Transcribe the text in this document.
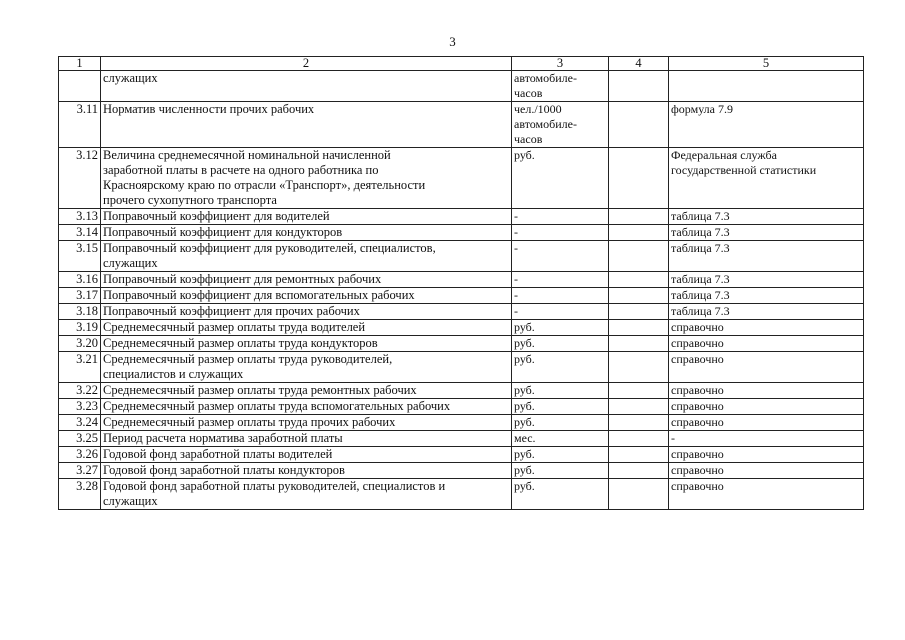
3
1	2	3	4	5
	служащих	автомобиле-
часов		
3.11	Норматив численности прочих рабочих	чел./1000
автомобиле-
часов		формула 7.9
3.12	Величина среднемесячной номинальной начисленной
заработной платы в расчете на одного работника по
Красноярскому краю по отрасли «Транспорт», деятельности
прочего сухопутного транспорта	руб.		Федеральная служба
государственной статистики
3.13	Поправочный коэффициент для водителей	-		таблица 7.3
3.14	Поправочный коэффициент для кондукторов	-		таблица 7.3
3.15	Поправочный коэффициент для руководителей, специалистов,
служащих	-		таблица 7.3
3.16	Поправочный коэффициент для ремонтных рабочих	-		таблица 7.3
3.17	Поправочный коэффициент для вспомогательных рабочих	-		таблица 7.3
3.18	Поправочный коэффициент для прочих рабочих	-		таблица 7.3
3.19	Среднемесячный размер оплаты труда водителей	руб.		справочно
3.20	Среднемесячный размер оплаты труда кондукторов	руб.		справочно
3.21	Среднемесячный размер оплаты труда руководителей,
специалистов и служащих	руб.		справочно
3.22	Среднемесячный размер оплаты труда ремонтных рабочих	руб.		справочно
3.23	Среднемесячный размер оплаты труда вспомогательных рабочих	руб.		справочно
3.24	Среднемесячный размер оплаты труда прочих рабочих	руб.		справочно
3.25	Период расчета норматива заработной платы	мес.		-
3.26	Годовой фонд заработной платы водителей	руб.		справочно
3.27	Годовой фонд заработной платы кондукторов	руб.		справочно
3.28	Годовой фонд заработной платы руководителей, специалистов и
служащих	руб.		справочно
